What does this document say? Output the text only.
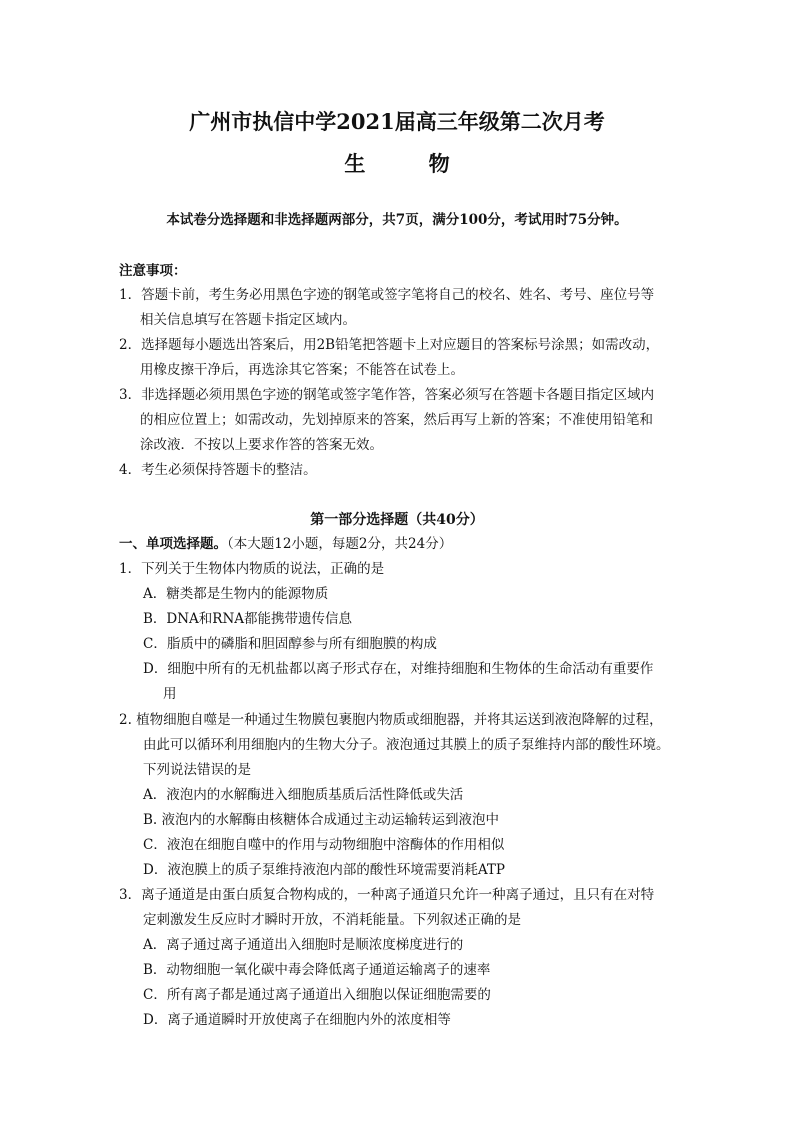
广州市执信中学2021届高三年级第二次月考
生 物
本试卷分选择题和非选择题两部分，共7页，满分100分，考试用时75分钟。
注意事项：
1．答题卡前，考生务必用黑色字迹的钢笔或签字笔将自己的校名、姓名、考号、座位号等
相关信息填写在答题卡指定区域内。
2．选择题每小题选出答案后，用2B铅笔把答题卡上对应题目的答案标号涂黑；如需改动，
用橡皮擦干净后，再选涂其它答案；不能答在试卷上。
3．非选择题必须用黑色字迹的钢笔或签字笔作答，答案必须写在答题卡各题目指定区域内
的相应位置上；如需改动，先划掉原来的答案，然后再写上新的答案；不准使用铅笔和
涂改液．不按以上要求作答的答案无效。
4．考生必须保持答题卡的整洁。
第一部分选择题（共40分）
一、单项选择题。（本大题12小题，每题2分，共24分）
1．下列关于生物体内物质的说法，正确的是
A．糖类都是生物内的能源物质
B．DNA和RNA都能携带遗传信息
C．脂质中的磷脂和胆固醇参与所有细胞膜的构成
D．细胞中所有的无机盐都以离子形式存在，对维持细胞和生物体的生命活动有重要作
用
2. 植物细胞自噬是一种通过生物膜包裹胞内物质或细胞器，并将其运送到液泡降解的过程，
由此可以循环利用细胞内的生物大分子。液泡通过其膜上的质子泵维持内部的酸性环境。
下列说法错误的是
A．液泡内的水解酶进入细胞质基质后活性降低或失活
B. 液泡内的水解酶由核糖体合成通过主动运输转运到液泡中
C．液泡在细胞自噬中的作用与动物细胞中溶酶体的作用相似
D．液泡膜上的质子泵维持液泡内部的酸性环境需要消耗ATP
3．离子通道是由蛋白质复合物构成的，一种离子通道只允许一种离子通过，且只有在对特
定刺激发生反应时才瞬时开放，不消耗能量。下列叙述正确的是
A．离子通过离子通道出入细胞时是顺浓度梯度进行的
B．动物细胞一氧化碳中毒会降低离子通道运输离子的速率
C．所有离子都是通过离子通道出入细胞以保证细胞需要的
D．离子通道瞬时开放使离子在细胞内外的浓度相等
